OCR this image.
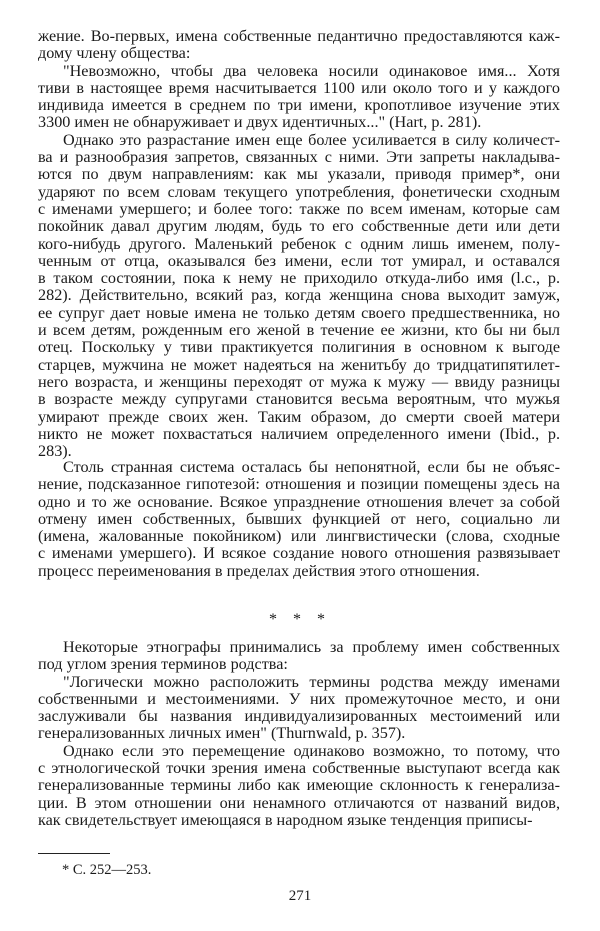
жение. Во-первых, имена собственные педантично предоставляются каж-
дому члену общества:
"Невозможно, чтобы два человека носили одинаковое имя... Хотя
тиви в настоящее время насчитывается 1100 или около того и у каждого
индивида имеется в среднем по три имени, кропотливое изучение этих
3300 имен не обнаруживает и двух идентичных..." (Hart, p. 281).
Однако это разрастание имен еще более усиливается в силу количест-
ва и разнообразия запретов, связанных с ними. Эти запреты накладыва-
ются по двум направлениям: как мы указали, приводя пример*, они
ударяют по всем словам текущего употребления, фонетически сходным
с именами умершего; и более того: также по всем именам, которые сам
покойник давал другим людям, будь то его собственные дети или дети
кого-нибудь другого. Маленький ребенок с одним лишь именем, полу-
ченным от отца, оказывался без имени, если тот умирал, и оставался
в таком состоянии, пока к нему не приходило откуда-либо имя (l.c., p.
282). Действительно, всякий раз, когда женщина снова выходит замуж,
ее супруг дает новые имена не только детям своего предшественника, но
и всем детям, рожденным его женой в течение ее жизни, кто бы ни был
отец. Поскольку у тиви практикуется полигиния в основном к выгоде
старцев, мужчина не может надеяться на женитьбу до тридцатипятилет-
него возраста, и женщины переходят от мужа к мужу — ввиду разницы
в возрасте между супругами становится весьма вероятным, что мужья
умирают прежде своих жен. Таким образом, до смерти своей матери
никто не может похвастаться наличием определенного имени (Ibid., p.
283).
Столь странная система осталась бы непонятной, если бы не объяс-
нение, подсказанное гипотезой: отношения и позиции помещены здесь на
одно и то же основание. Всякое упразднение отношения влечет за собой
отмену имен собственных, бывших функцией от него, социально ли
(имена, жалованные покойником) или лингвистически (слова, сходные
с именами умершего). И всякое создание нового отношения развязывает
процесс переименования в пределах действия этого отношения.
* * *
Некоторые этнографы принимались за проблему имен собственных
под углом зрения терминов родства:
"Логически можно расположить термины родства между именами
собственными и местоимениями. У них промежуточное место, и они
заслуживали бы названия индивидуализированных местоимений или
генерализованных личных имен" (Thurnwald, p. 357).
Однако если это перемещение одинаково возможно, то потому, что
с этнологической точки зрения имена собственные выступают всегда как
генерализованные термины либо как имеющие склонность к генерализа-
ции. В этом отношении они ненамного отличаются от названий видов,
как свидетельствует имеющаяся в народном языке тенденция приписы-
* С. 252—253.
271
